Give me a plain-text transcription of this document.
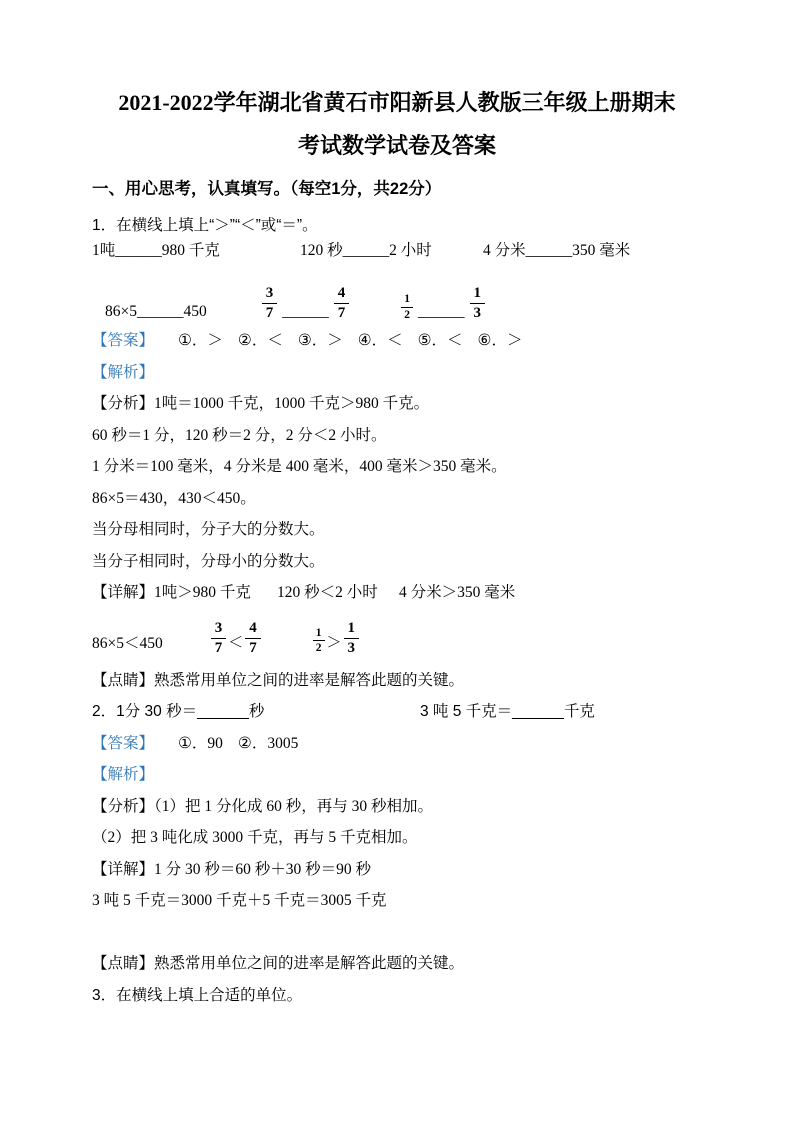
2021-2022学年湖北省黄石市阳新县人教版三年级上册期末
考试数学试卷及答案
一、用心思考，认真填写。（每空1分，共22分）

1．在横线上填上“＞”“＜”或“＝”。

1吨______980 千克	120 秒______2 小时	4 分米______350 毫米
86×5______450	$\frac{3}{7}$ ______ $\frac{4}{7}$	$\frac{1}{2}$ ______ $\frac{1}{3}$
【答案】 ①．＞ ②．＜ ③．＞ ④．＜ ⑤．＜ ⑥．＞

【解析】

【分析】1吨＝1000 千克，1000 千克＞980 千克。

60 秒＝1 分，120 秒＝2 分，2 分＜2 小时。

1 分米＝100 毫米，4 分米是 400 毫米，400 毫米＞350 毫米。

86×5＝430，430＜450。

当分母相同时，分子大的分数大。

当分子相同时，分母小的分数大。

【详解】1吨＞980 千克	120 秒＜2 小时	4 分米＞350 毫米
86×5＜450	$\frac{3}{7} < \frac{4}{7}$	$\frac{1}{2} > \frac{1}{3}$

【点睛】熟悉常用单位之间的进率是解答此题的关键。

2．1分 30 秒＝______秒	3 吨 5 千克＝______千克
【答案】 ①．90 ②．3005

【解析】

【分析】（1）把 1 分化成 60 秒，再与 30 秒相加。

（2）把 3 吨化成 3000 千克，再与 5 千克相加。

【详解】1 分 30 秒＝60 秒＋30 秒＝90 秒

3 吨 5 千克＝3000 千克＋5 千克＝3005 千克

【点睛】熟悉常用单位之间的进率是解答此题的关键。

3．在横线上填上合适的单位。
